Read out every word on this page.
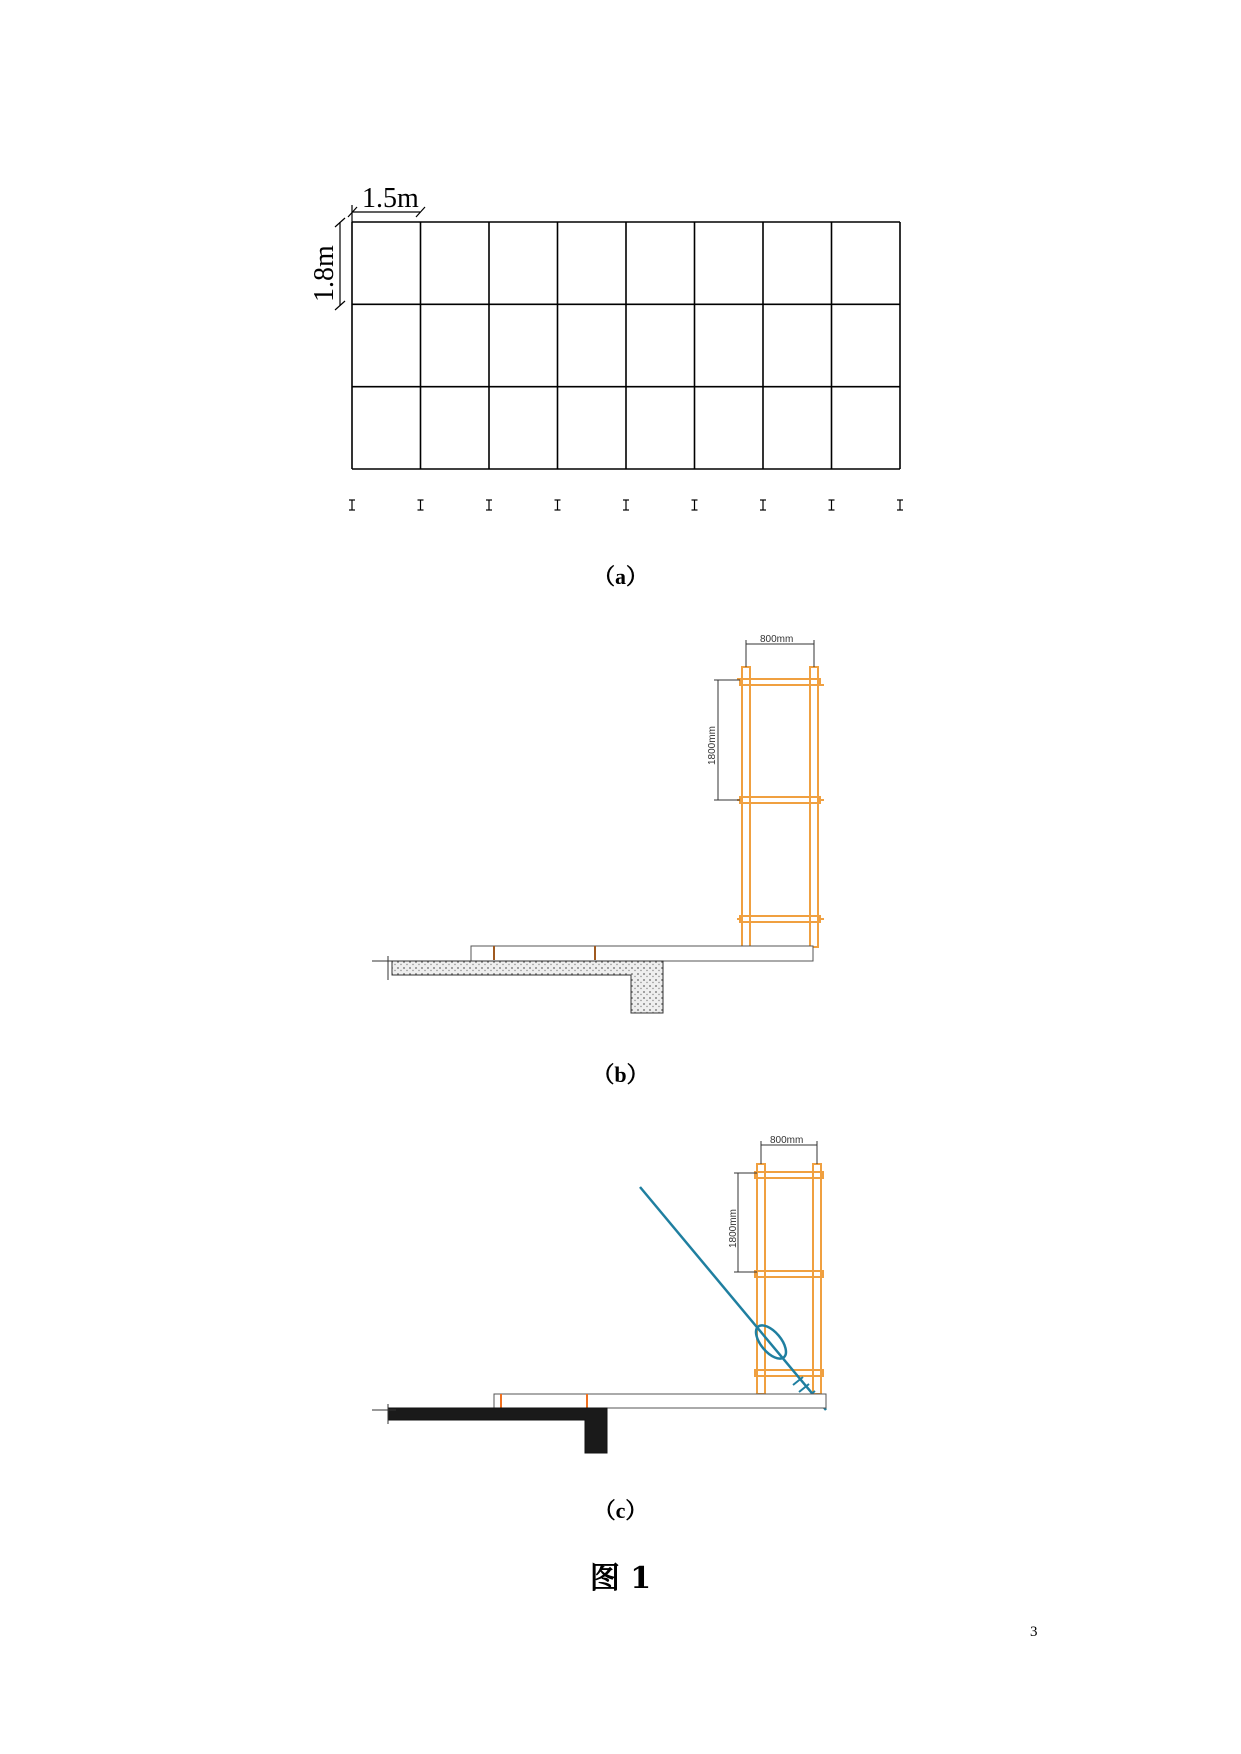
1.5m
1.8m
（a）
800mm
1800mm
（b）
800mm
1800mm
（c）
图 1
3
